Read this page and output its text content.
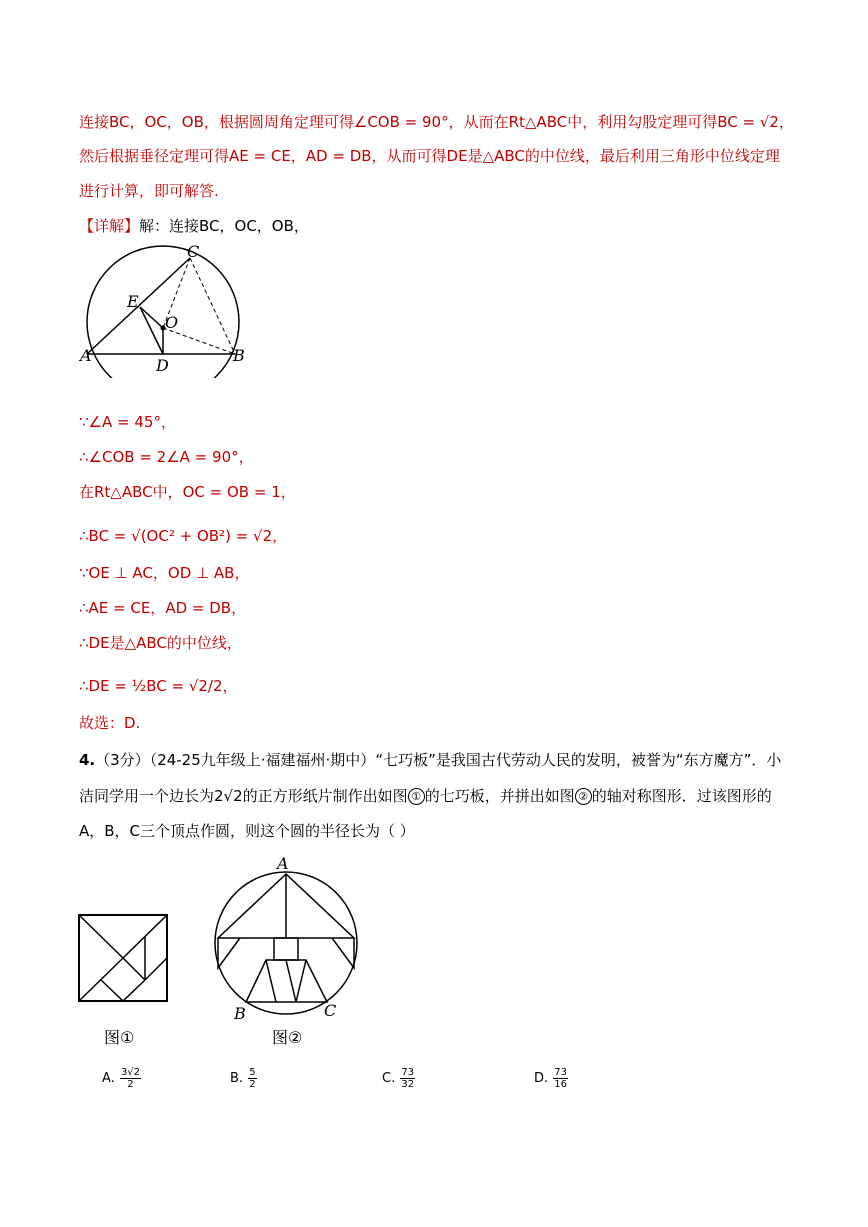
连接BC，OC，OB，根据圆周角定理可得∠COB = 90°，从而在Rt△ABC中，利用勾股定理可得BC = √2，
然后根据垂径定理可得AE = CE，AD = DB，从而可得DE是△ABC的中位线，最后利用三角形中位线定理
进行计算，即可解答.
【详解】解：连接BC，OC，OB，
C
E
O
A
D
B
∵∠A = 45°，
∴∠COB = 2∠A = 90°，
在Rt△ABC中，OC = OB = 1，
∴BC = √(OC² + OB²) = √2，
∵OE ⊥ AC，OD ⊥ AB，
∴AE = CE，AD = DB，
∴DE是△ABC的中位线，
∴DE = ½BC = √2/2，
故选：D.
4.（3分）（24-25九年级上·福建福州·期中）“七巧板”是我国古代劳动人民的发明，被誉为“东方魔方”．小
洁同学用一个边长为2√2的正方形纸片制作出如图 ① 的七巧板，并拼出如图 ② 的轴对称图形．过该图形的
A，B，C三个顶点作圆，则这个圆的半径长为（ ）
图①
A
B	C
图②
A. $\frac{3√2}{2}$	B. $\frac{5}{2}$	C. $\frac{73}{32}$	D. $\frac{73}{16}$
